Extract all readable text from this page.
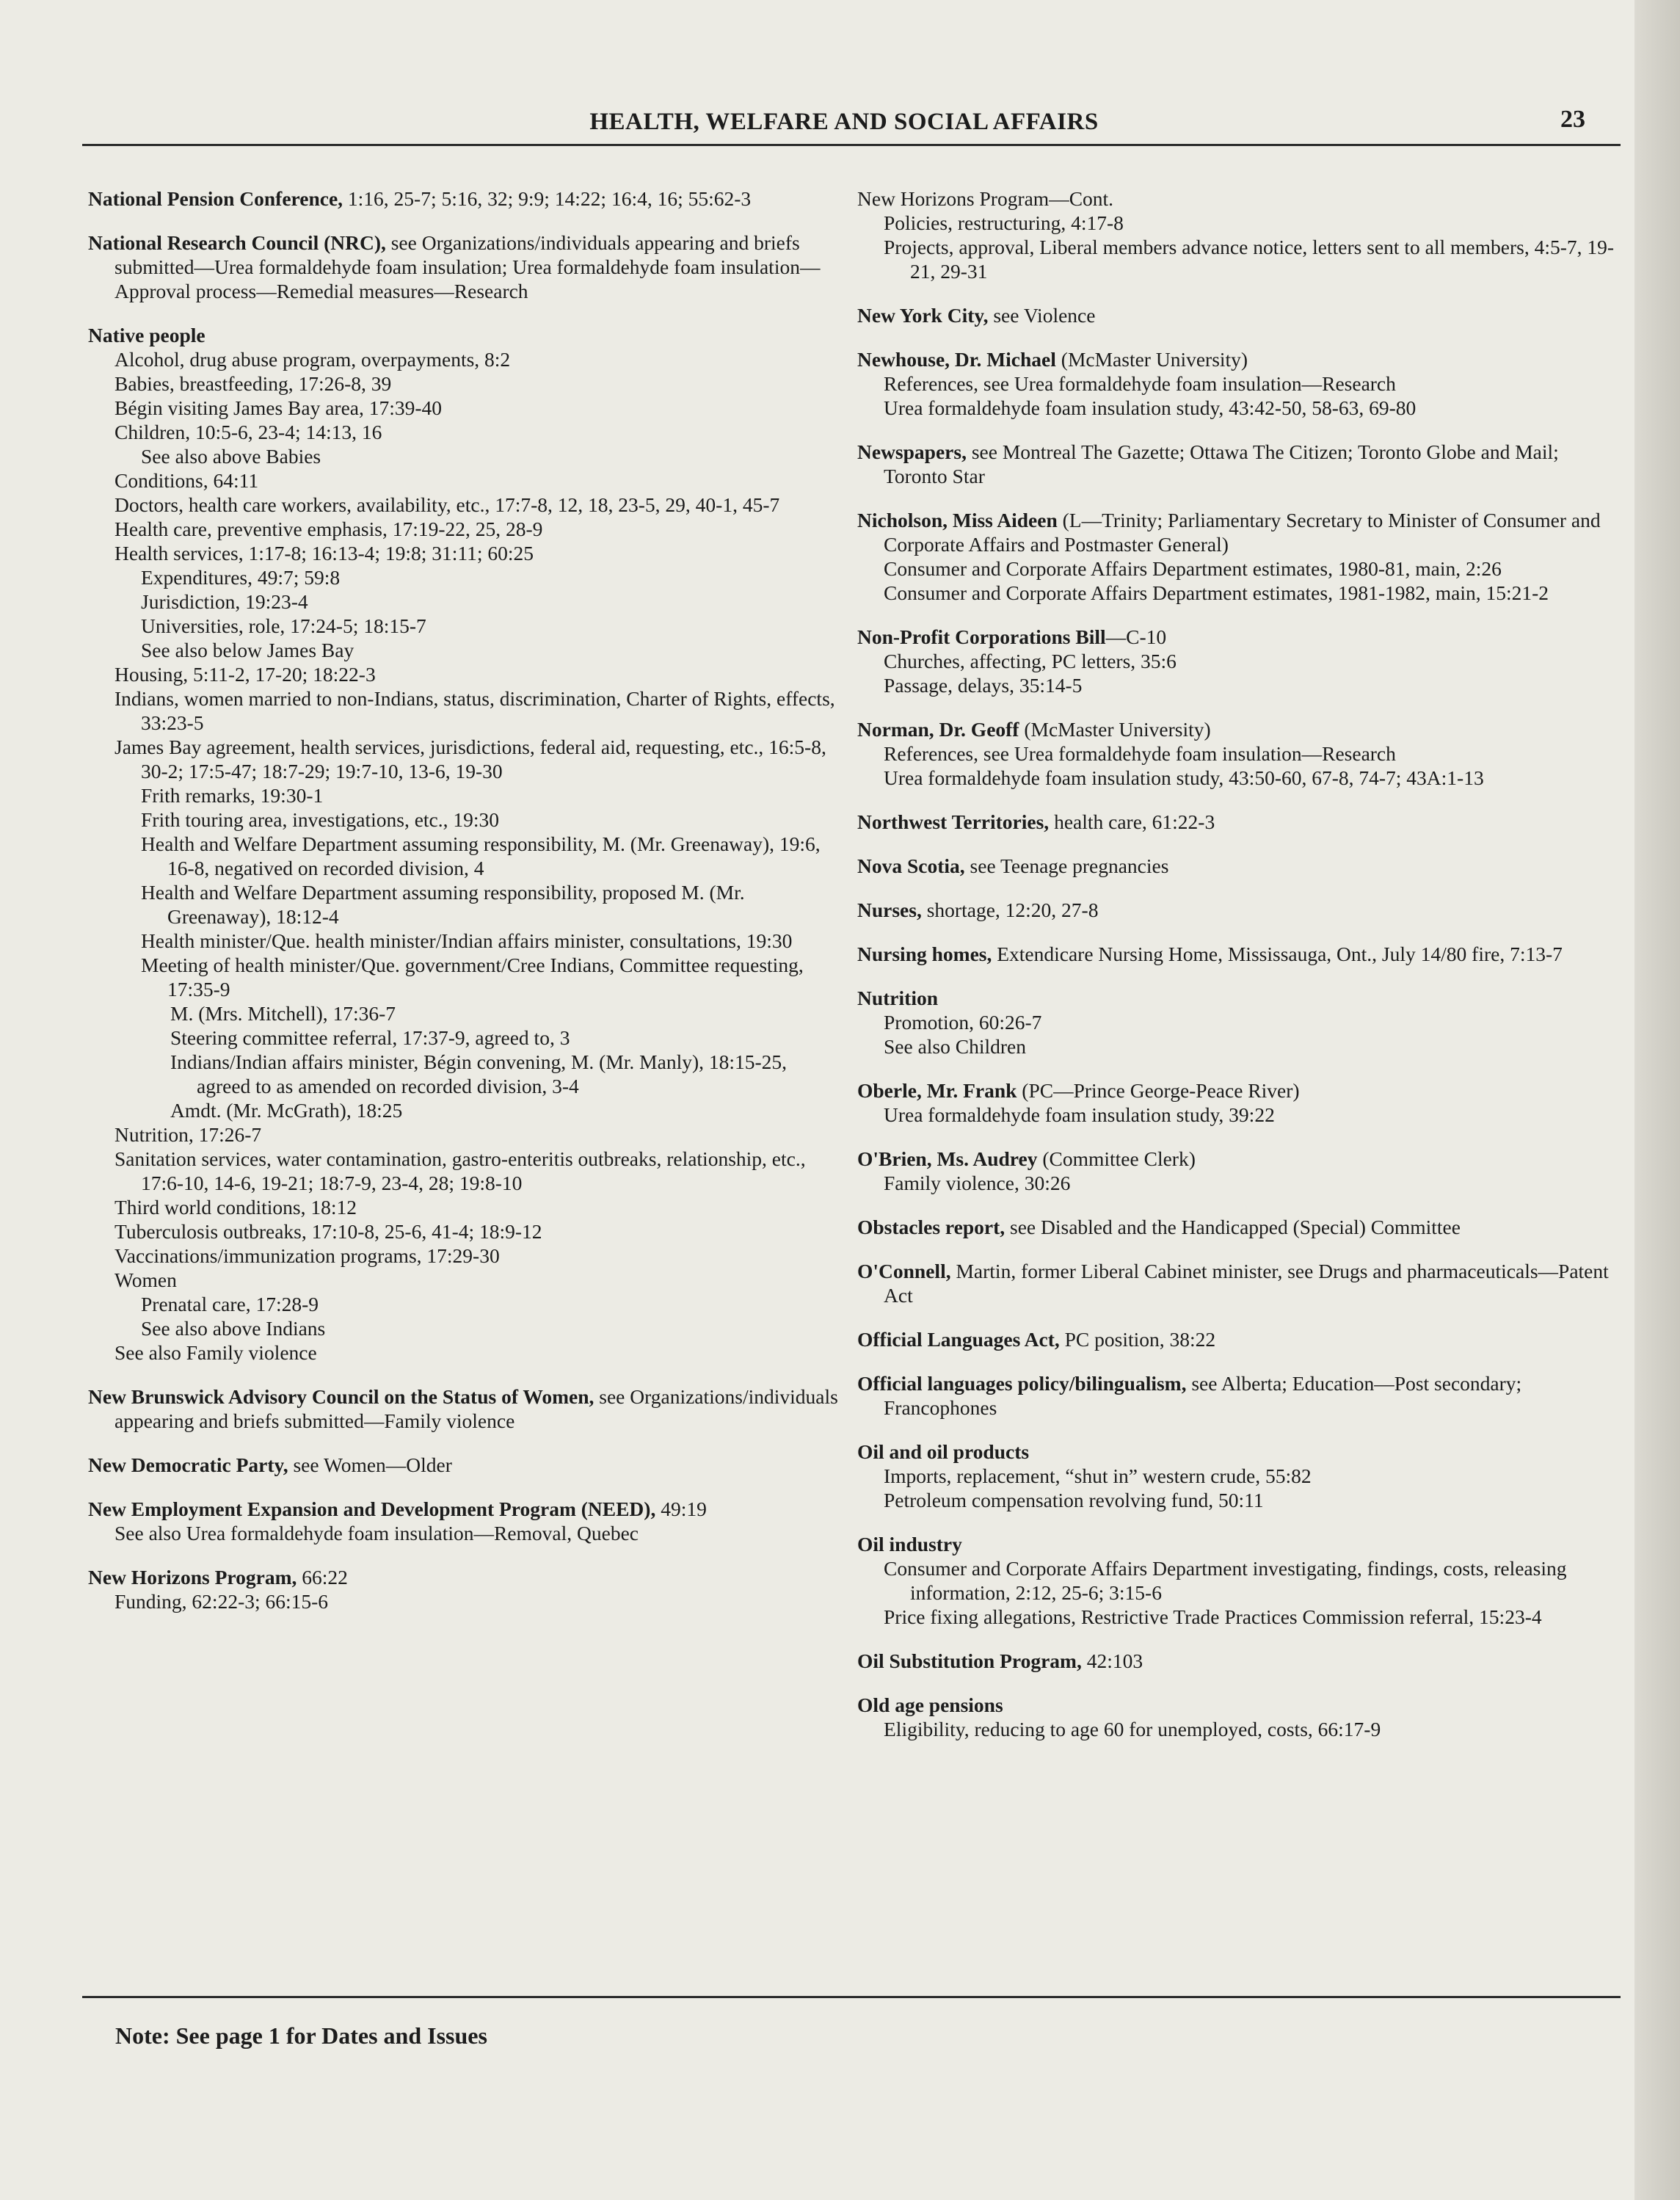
HEALTH, WELFARE AND SOCIAL AFFAIRS	23
National Pension Conference, 1:16, 25-7; 5:16, 32; 9:9; 14:22; 16:4, 16; 55:62-3
National Research Council (NRC), see Organizations/individuals appearing and briefs submitted—Urea formaldehyde foam insulation; Urea formaldehyde foam insulation—Approval process—Remedial measures—Research
Native people
Alcohol, drug abuse program, overpayments, 8:2
Babies, breastfeeding, 17:26-8, 39
Bégin visiting James Bay area, 17:39-40
Children, 10:5-6, 23-4; 14:13, 16
See also above Babies
Conditions, 64:11
Doctors, health care workers, availability, etc., 17:7-8, 12, 18, 23-5, 29, 40-1, 45-7
Health care, preventive emphasis, 17:19-22, 25, 28-9
Health services, 1:17-8; 16:13-4; 19:8; 31:11; 60:25
Expenditures, 49:7; 59:8
Jurisdiction, 19:23-4
Universities, role, 17:24-5; 18:15-7
See also below James Bay
Housing, 5:11-2, 17-20; 18:22-3
Indians, women married to non-Indians, status, discrimination, Charter of Rights, effects, 33:23-5
James Bay agreement, health services, jurisdictions, federal aid, requesting, etc., 16:5-8, 30-2; 17:5-47; 18:7-29; 19:7-10, 13-6, 19-30
Frith remarks, 19:30-1
Frith touring area, investigations, etc., 19:30
Health and Welfare Department assuming responsibility, M. (Mr. Greenaway), 19:6, 16-8, negatived on recorded division, 4
Health and Welfare Department assuming responsibility, proposed M. (Mr. Greenaway), 18:12-4
Health minister/Que. health minister/Indian affairs minister, consultations, 19:30
Meeting of health minister/Que. government/Cree Indians, Committee requesting, 17:35-9
M. (Mrs. Mitchell), 17:36-7
Steering committee referral, 17:37-9, agreed to, 3
Indians/Indian affairs minister, Bégin convening, M. (Mr. Manly), 18:15-25, agreed to as amended on recorded division, 3-4
Amdt. (Mr. McGrath), 18:25
Nutrition, 17:26-7
Sanitation services, water contamination, gastro-enteritis outbreaks, relationship, etc., 17:6-10, 14-6, 19-21; 18:7-9, 23-4, 28; 19:8-10
Third world conditions, 18:12
Tuberculosis outbreaks, 17:10-8, 25-6, 41-4; 18:9-12
Vaccinations/immunization programs, 17:29-30
Women
Prenatal care, 17:28-9
See also above Indians
See also Family violence
New Brunswick Advisory Council on the Status of Women, see Organizations/individuals appearing and briefs submitted—Family violence
New Democratic Party, see Women—Older
New Employment Expansion and Development Program (NEED), 49:19
See also Urea formaldehyde foam insulation—Removal, Quebec
New Horizons Program, 66:22
Funding, 62:22-3; 66:15-6
New Horizons Program—Cont.
Policies, restructuring, 4:17-8
Projects, approval, Liberal members advance notice, letters sent to all members, 4:5-7, 19-21, 29-31
New York City, see Violence
Newhouse, Dr. Michael (McMaster University)
References, see Urea formaldehyde foam insulation—Research
Urea formaldehyde foam insulation study, 43:42-50, 58-63, 69-80
Newspapers, see Montreal The Gazette; Ottawa The Citizen; Toronto Globe and Mail; Toronto Star
Nicholson, Miss Aideen (L—Trinity; Parliamentary Secretary to Minister of Consumer and Corporate Affairs and Postmaster General)
Consumer and Corporate Affairs Department estimates, 1980-81, main, 2:26
Consumer and Corporate Affairs Department estimates, 1981-1982, main, 15:21-2
Non-Profit Corporations Bill—C-10
Churches, affecting, PC letters, 35:6
Passage, delays, 35:14-5
Norman, Dr. Geoff (McMaster University)
References, see Urea formaldehyde foam insulation—Research
Urea formaldehyde foam insulation study, 43:50-60, 67-8, 74-7; 43A:1-13
Northwest Territories, health care, 61:22-3
Nova Scotia, see Teenage pregnancies
Nurses, shortage, 12:20, 27-8
Nursing homes, Extendicare Nursing Home, Mississauga, Ont., July 14/80 fire, 7:13-7
Nutrition
Promotion, 60:26-7
See also Children
Oberle, Mr. Frank (PC—Prince George-Peace River)
Urea formaldehyde foam insulation study, 39:22
O'Brien, Ms. Audrey (Committee Clerk)
Family violence, 30:26
Obstacles report, see Disabled and the Handicapped (Special) Committee
O'Connell, Martin, former Liberal Cabinet minister, see Drugs and pharmaceuticals—Patent Act
Official Languages Act, PC position, 38:22
Official languages policy/bilingualism, see Alberta; Education—Post secondary; Francophones
Oil and oil products
Imports, replacement, “shut in” western crude, 55:82
Petroleum compensation revolving fund, 50:11
Oil industry
Consumer and Corporate Affairs Department investigating, findings, costs, releasing information, 2:12, 25-6; 3:15-6
Price fixing allegations, Restrictive Trade Practices Commission referral, 15:23-4
Oil Substitution Program, 42:103
Old age pensions
Eligibility, reducing to age 60 for unemployed, costs, 66:17-9
Note: See page 1 for Dates and Issues
